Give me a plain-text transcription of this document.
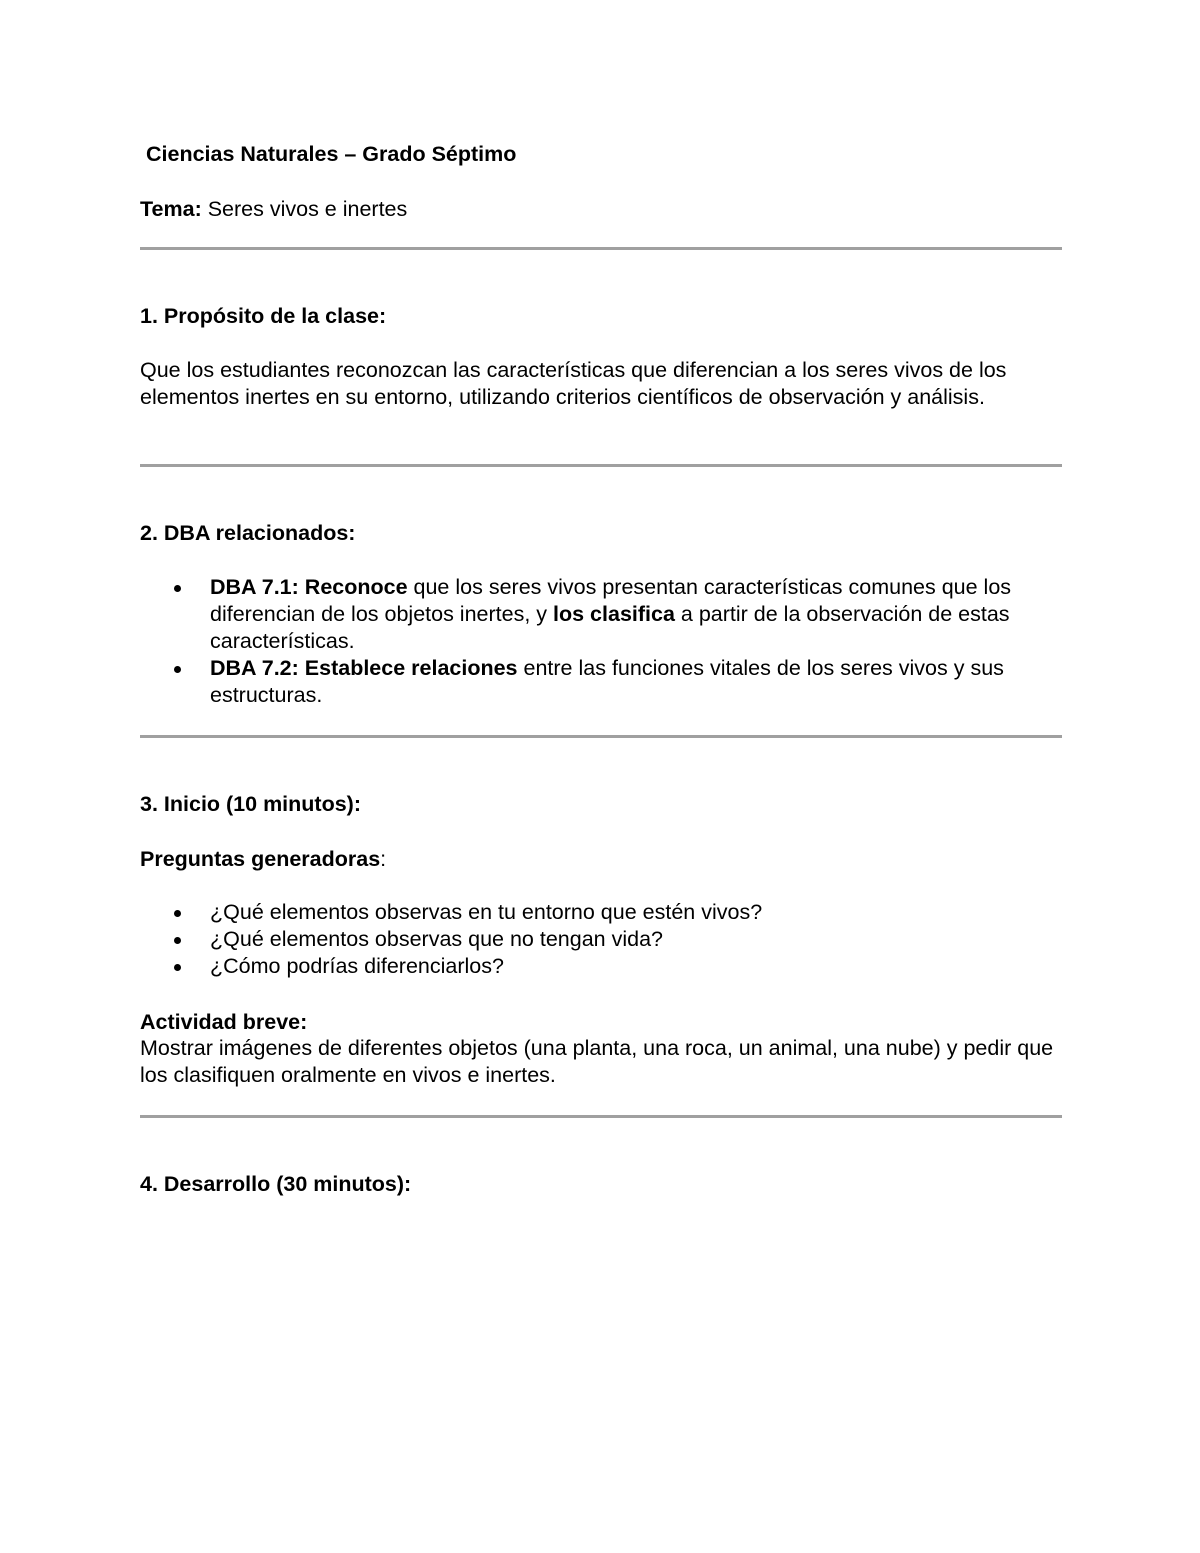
Ciencias Naturales – Grado Séptimo
Tema: Seres vivos e inertes
1. Propósito de la clase:
Que los estudiantes reconozcan las características que diferencian a los seres vivos de los elementos inertes en su entorno, utilizando criterios científicos de observación y análisis.
2. DBA relacionados:
DBA 7.1: Reconoce que los seres vivos presentan características comunes que los diferencian de los objetos inertes, y los clasifica a partir de la observación de estas características.
DBA 7.2: Establece relaciones entre las funciones vitales de los seres vivos y sus estructuras.
3. Inicio (10 minutos):
Preguntas generadoras:
¿Qué elementos observas en tu entorno que estén vivos?
¿Qué elementos observas que no tengan vida?
¿Cómo podrías diferenciarlos?
Actividad breve:
Mostrar imágenes de diferentes objetos (una planta, una roca, un animal, una nube) y pedir que los clasifiquen oralmente en vivos e inertes.
4. Desarrollo (30 minutos):
